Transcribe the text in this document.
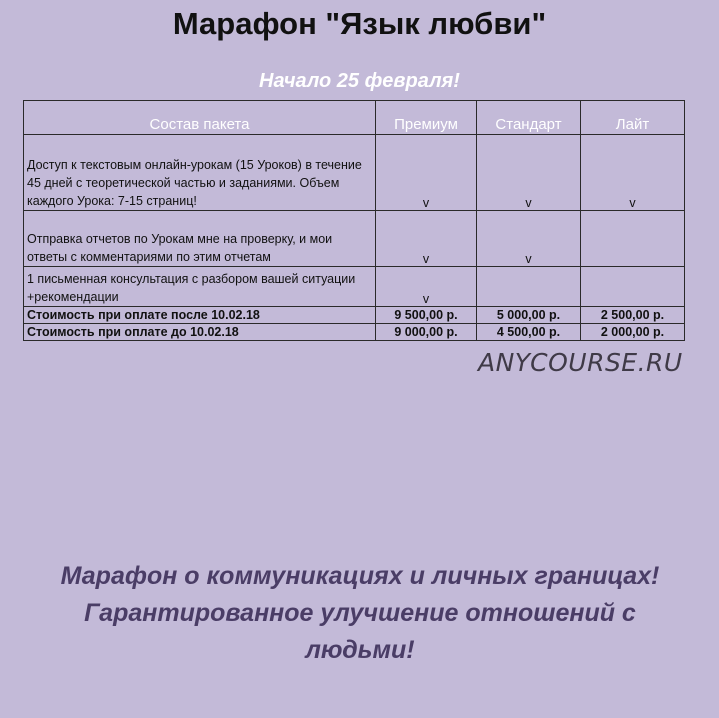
Марафон "Язык любви"
Начало 25 февраля!
Состав пакета	Премиум	Стандарт	Лайт
Доступ к текстовым онлайн-урокам (15 Уроков) в течение 45 дней с теоретической частью и заданиями. Объем каждого Урока: 7-15 страниц!	v	v	v
Отправка отчетов по Урокам мне на проверку, и мои ответы с комментариями по этим отчетам	v	v	
1 письменная консультация с разбором вашей ситуации +рекомендации	v		
Стоимость при оплате после 10.02.18	9 500,00 р.	5 000,00 р.	2 500,00 р.
Стоимость при оплате до 10.02.18	9 000,00 р.	4 500,00 р.	2 000,00 р.
ANYCOURSE.RU
Марафон о коммуникациях и личных границах! Гарантированное улучшение отношений с людьми!
